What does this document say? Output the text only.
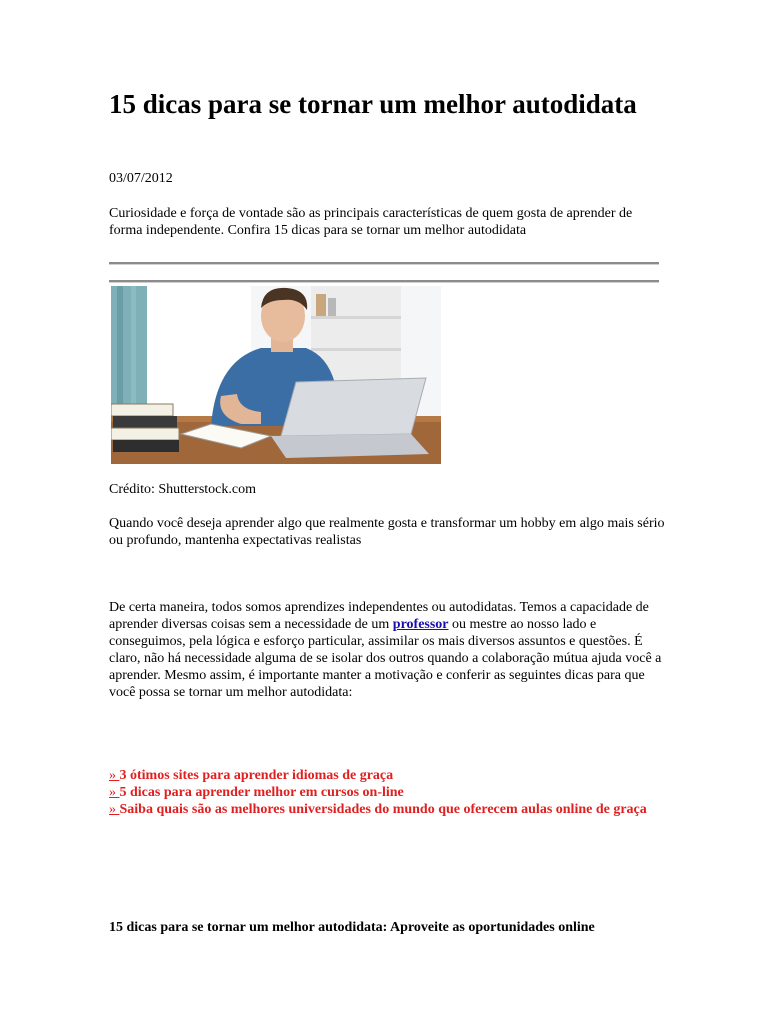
15 dicas para se tornar um melhor autodidata
03/07/2012

Curiosidade e força de vontade são as principais características de quem gosta de aprender de forma independente. Confira 15 dicas para se tornar um melhor autodidata

Crédito: Shutterstock.com

Quando você deseja aprender algo que realmente gosta e transformar um hobby em algo mais sério ou profundo, mantenha expectativas realistas

De certa maneira, todos somos aprendizes independentes ou autodidatas. Temos a capacidade de aprender diversas coisas sem a necessidade de um professor ou mestre ao nosso lado e conseguimos, pela lógica e esforço particular, assimilar os mais diversos assuntos e questões. É claro, não há necessidade alguma de se isolar dos outros quando a colaboração mútua ajuda você a aprender. Mesmo assim, é importante manter a motivação e conferir as seguintes dicas para que você possa se tornar um melhor autodidata:

» 3 ótimos sites para aprender idiomas de graça
» 5 dicas para aprender melhor em cursos on-line
» Saiba quais são as melhores universidades do mundo que oferecem aulas online de graça
15 dicas para se tornar um melhor autodidata: Aproveite as oportunidades online
